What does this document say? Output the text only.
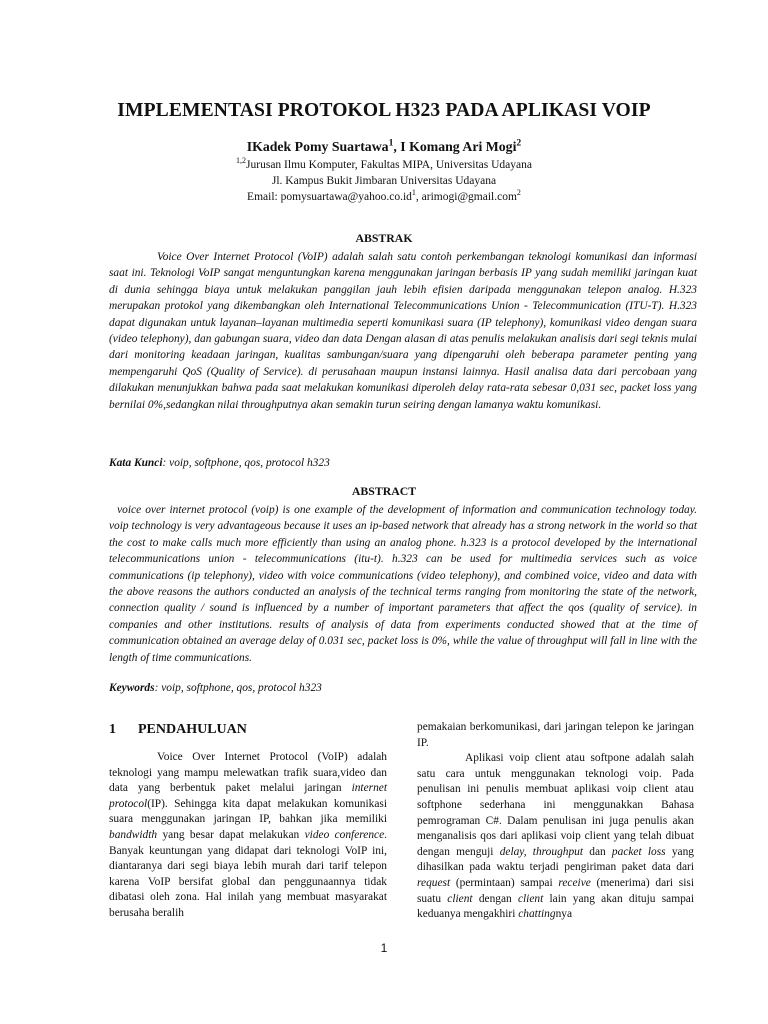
IMPLEMENTASI PROTOKOL H323 PADA APLIKASI VOIP
IKadek Pomy Suartawa$^1$, I Komang Ari Mogi$^2$
$^{1,2}$Jurusan Ilmu Komputer, Fakultas MIPA, Universitas Udayana
Jl. Kampus Bukit Jimbaran Universitas Udayana
Email: $pomysuartawa@yahoo.co.id^1$, arimogi@gmail.com$^2$
ABSTRAK

Voice Over Internet Protocol (VoIP) adalah salah satu contoh perkembangan teknologi komunikasi dan informasi saat ini. Teknologi VoIP sangat menguntungkan karena menggunakan jaringan berbasis IP yang sudah memiliki jaringan kuat di dunia sehingga biaya untuk melakukan panggilan jauh lebih efisien daripada menggunakan telepon analog. H.323 merupakan protokol yang dikembangkan oleh International Telecommunications Union - Telecommunication (ITU-T). H.323 dapat digunakan untuk layanan–layanan multimedia seperti komunikasi suara (IP telephony), komunikasi video dengan suara (video telephony), dan gabungan suara, video dan data Dengan alasan di atas penulis melakukan analisis dari segi teknis mulai dari monitoring keadaan jaringan, kualitas sambungan/suara yang dipengaruhi oleh beberapa parameter penting yang mempengaruhi QoS (Quality of Service). di perusahaan maupun instansi lainnya. Hasil analisa data dari percobaan yang dilakukan menunjukkan bahwa pada saat melakukan komunikasi diperoleh delay rata-rata sebesar 0,031 sec, packet loss yang bernilai 0%,sedangkan nilai throughputnya akan semakin turun seiring dengan lamanya waktu komunikasi.

Kata Kunci: voip, softphone, qos, protocol h323

ABSTRACT

voice over internet protocol (voip) is one example of the development of information and communication technology today. voip technology is very advantageous because it uses an ip-based network that already has a strong network in the world so that the cost to make calls much more efficiently than using an analog phone. h.323 is a protocol developed by the international telecommunications union - telecommunications (itu-t). h.323 can be used for multimedia services such as voice communications (ip telephony), video with voice communications (video telephony), and combined voice, video and data with the above reasons the authors conducted an analysis of the technical terms ranging from monitoring the state of the network, connection quality / sound is influenced by a number of important parameters that affect the qos (quality of service). in companies and other institutions. results of analysis of data from experiments conducted showed that at the time of communication obtained an average delay of 0.031 sec, packet loss is 0%, while the value of throughput will fall in line with the length of time communications.

Keywords: voip, softphone, qos, protocol h323

1 PENDAHULUAN

Voice Over Internet Protocol (VoIP) adalah teknologi yang mampu melewatkan trafik suara,video dan data yang berbentuk paket melalui jaringan internet protocol(IP). Sehingga kita dapat melakukan komunikasi suara menggunakan jaringan IP, bahkan jika memiliki bandwidth yang besar dapat melakukan video conference. Banyak keuntungan yang didapat dari teknologi VoIP ini, diantaranya dari segi biaya lebih murah dari tarif telepon karena VoIP bersifat global dan penggunaannya tidak dibatasi oleh zona. Hal inilah yang membuat masyarakat berusaha beralih

pemakaian berkomunikasi, dari jaringan telepon ke jaringan IP.

Aplikasi voip client atau softpone adalah salah satu cara untuk menggunakan teknologi voip. Pada penulisan ini penulis membuat aplikasi voip client atau softphone sederhana ini menggunakkan Bahasa pemrograman C#. Dalam penulisan ini juga penulis akan menganalisis qos dari aplikasi voip client yang telah dibuat dengan menguji delay, throughput dan packet loss yang dihasilkan pada waktu terjadi pengiriman paket data dari request (permintaan) sampai receive (menerima) dari sisi suatu client dengan client lain yang akan dituju sampai keduanya mengakhiri chattingnya

1
